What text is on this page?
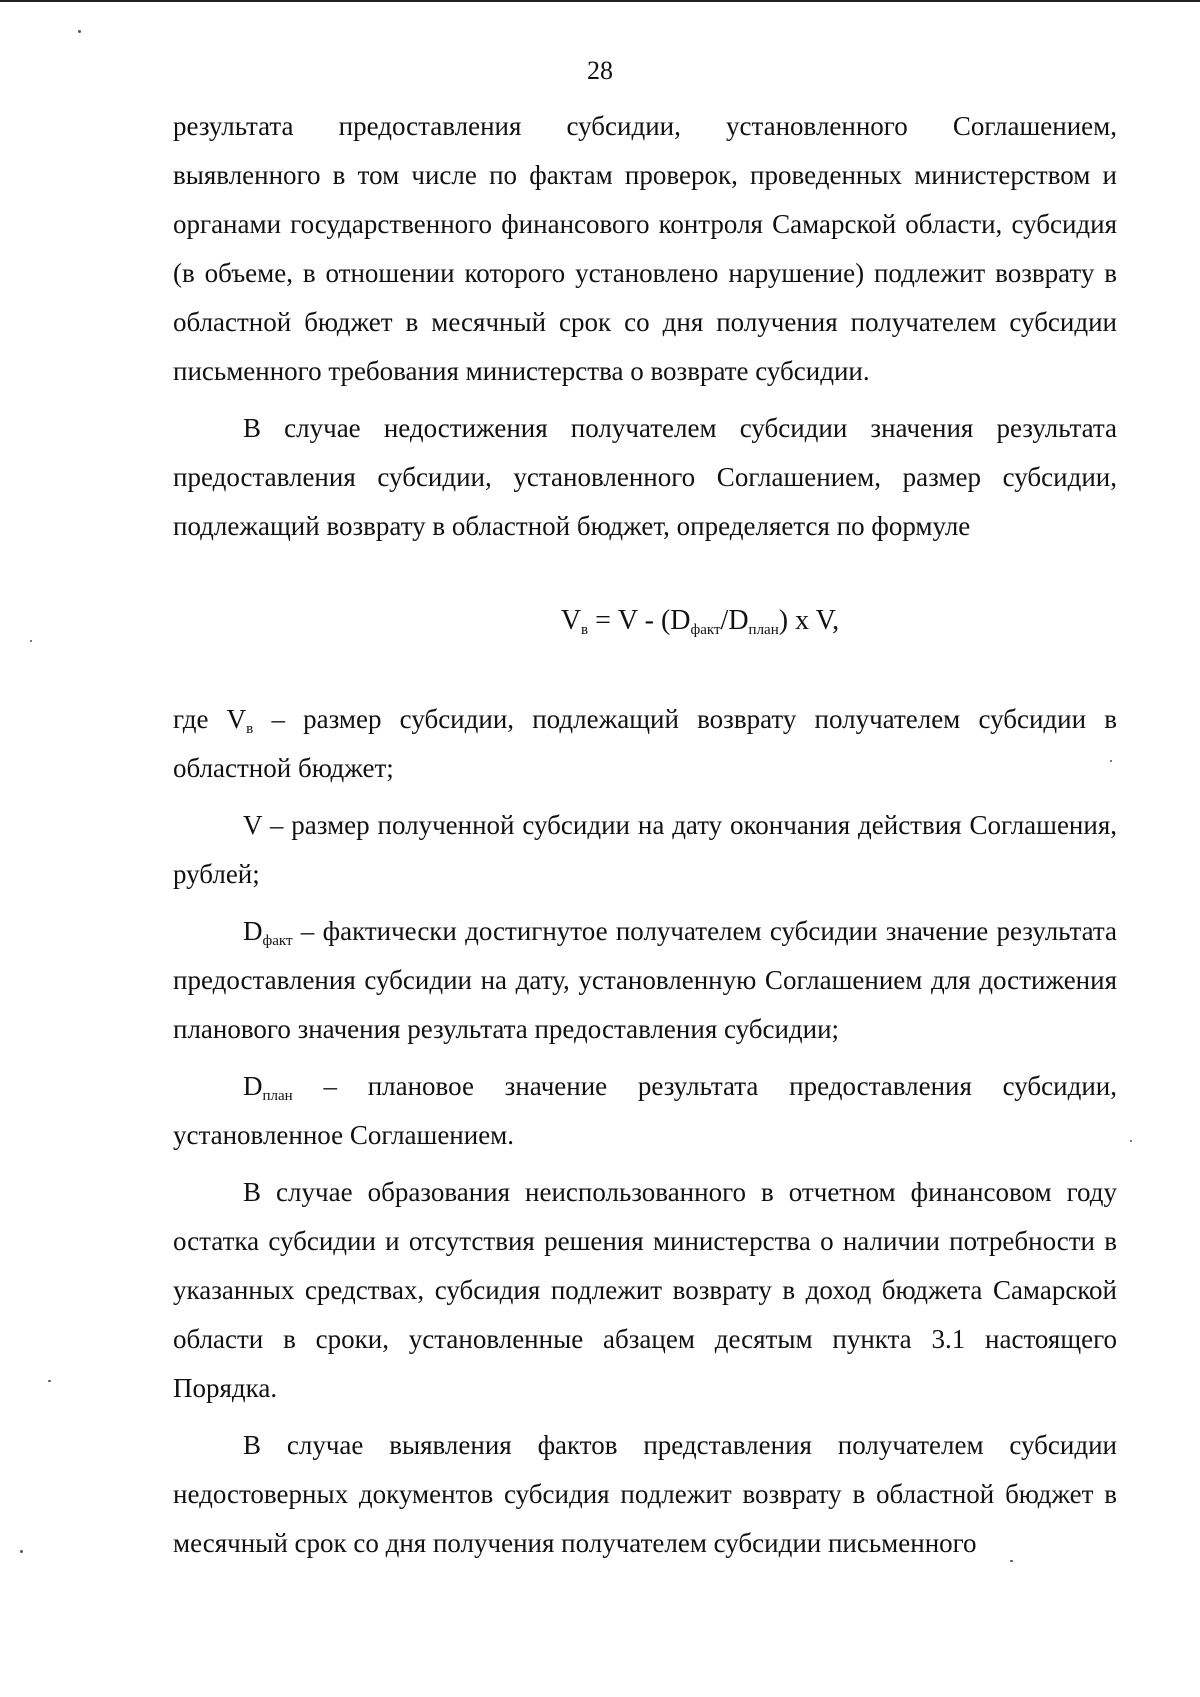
28

результата предоставления субсидии, установленного Соглашением, выявленного в том числе по фактам проверок, проведенных министерством и органами государственного финансового контроля Самарской области, субсидия (в объеме, в отношении которого установлено нарушение) подлежит возврату в областной бюджет в месячный срок со дня получения получателем субсидии письменного требования министерства о возврате субсидии.

В случае недостижения получателем субсидии значения результата предоставления субсидии, установленного Соглашением, размер субсидии, подлежащий возврату в областной бюджет, определяется по формуле

$V_в = V - (D_{факт}/D_{план})$ x V,

где $V_в$ – размер субсидии, подлежащий возврату получателем субсидии в областной бюджет;

V – размер полученной субсидии на дату окончания действия Соглашения, рублей;

$D_{факт}$ – фактически достигнутое получателем субсидии значение результата предоставления субсидии на дату, установленную Соглашением для достижения планового значения результата предоставления субсидии;

$D_{план}$ – плановое значение результата предоставления субсидии, установленное Соглашением.

В случае образования неиспользованного в отчетном финансовом году остатка субсидии и отсутствия решения министерства о наличии потребности в указанных средствах, субсидия подлежит возврату в доход бюджета Самарской области в сроки, установленные абзацем десятым пункта 3.1 настоящего Порядка.

В случае выявления фактов представления получателем субсидии недостоверных документов субсидия подлежит возврату в областной бюджет в месячный срок со дня получения получателем субсидии письменного
